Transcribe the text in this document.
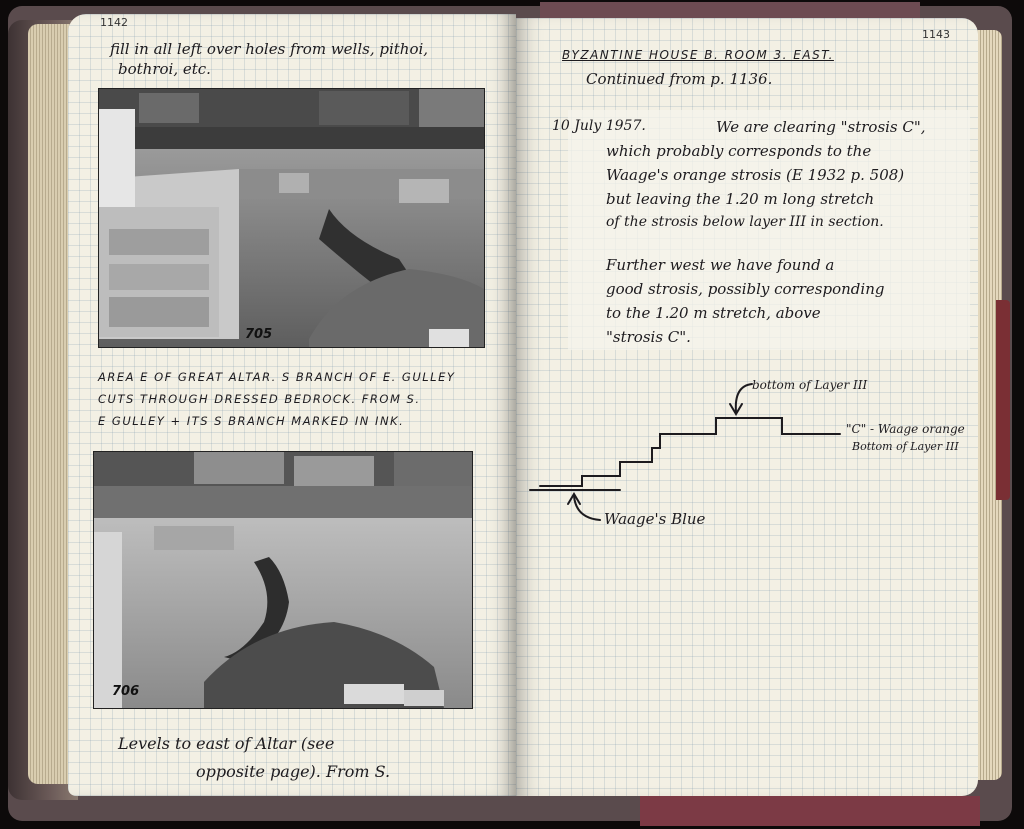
1142

fill in all left over holes from wells, pithoi,

bothroi, etc.

705

AREA E OF GREAT ALTAR. S BRANCH OF E. GULLEY

CUTS THROUGH DRESSED BEDROCK. FROM S.

E GULLEY + ITS S BRANCH MARKED IN INK.

706

Levels to east of Altar (see

opposite page). From S.

1143

BYZANTINE HOUSE B. ROOM 3. EAST.

Continued from p. 1136.

10 July 1957.	We are clearing "strosis C",

which probably corresponds to the

Waage's orange strosis (E 1932 p. 508)

but leaving the 1.20 m long stretch

of the strosis below layer III in section.

Further west we have found a

good strosis, possibly corresponding

to the 1.20 m stretch, above

"strosis C".

bottom of Layer III

"C" - Waage orange

Bottom of Layer III

Waage's Blue
